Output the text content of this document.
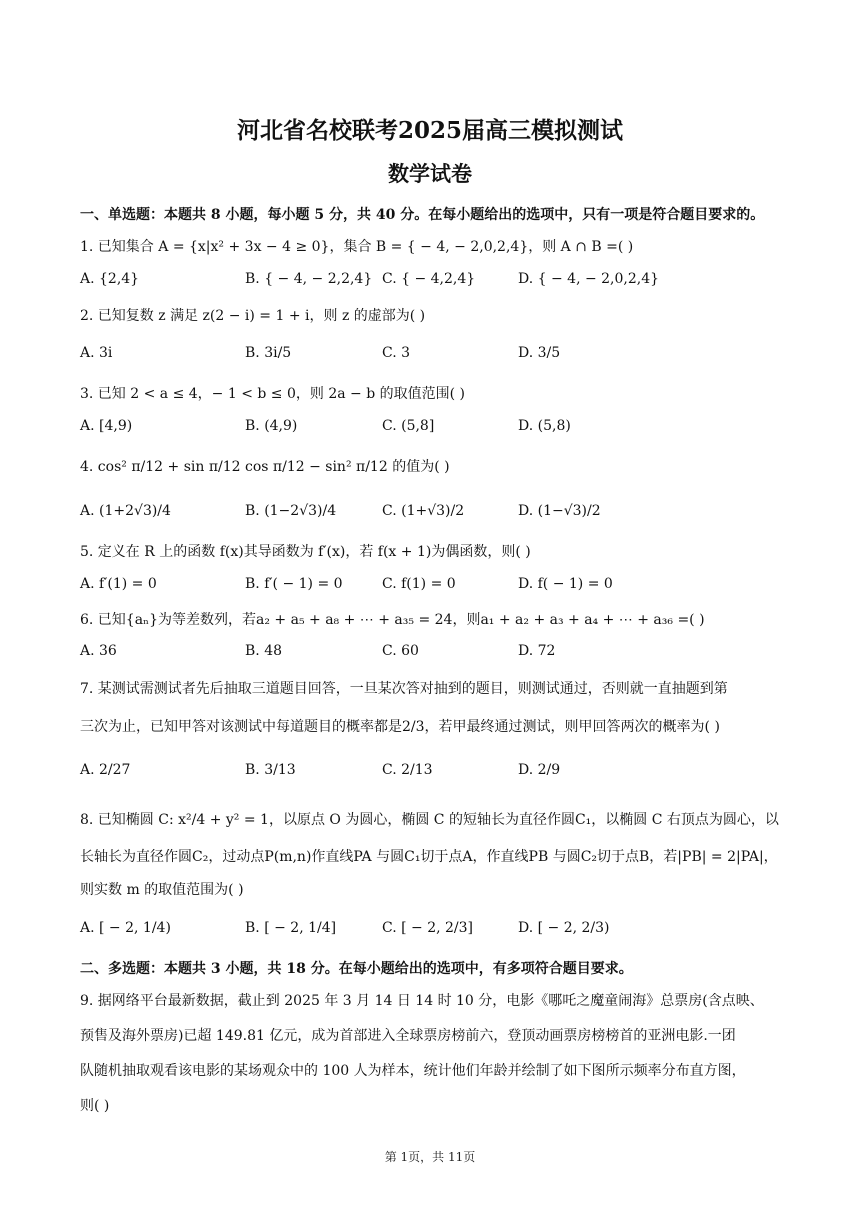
河北省名校联考2025届高三模拟测试
数学试卷
一、单选题：本题共 8 小题，每小题 5 分，共 40 分。在每小题给出的选项中，只有一项是符合题目要求的。
1. 已知集合 A = {x|x² + 3x − 4 ≥ 0}，集合 B = { − 4, − 2,0,2,4}，则 A ∩ B =( )
A. {2,4}	B. { − 4, − 2,2,4} C. { − 4,2,4}	D. { − 4, − 2,0,2,4}
2. 已知复数 z 满足 z(2 − i) = 1 + i，则 z 的虚部为( )
A. 3i	B. 3i/5	C. 3	D. 3/5
3. 已知 2 < a ≤ 4，− 1 < b ≤ 0，则 2a − b 的取值范围( )
A. [4,9)	B. (4,9)	C. (5,8]	D. (5,8)
4. cos² π/12 + sin π/12 cos π/12 − sin² π/12 的值为( )
A. (1+2√3)/4	B. (1−2√3)/4	C. (1+√3)/2	D. (1−√3)/2
5. 定义在 R 上的函数 f(x)其导函数为 f′(x)，若 f(x + 1)为偶函数，则( )
A. f′(1) = 0	B. f′( − 1) = 0	C. f(1) = 0	D. f( − 1) = 0
6. 已知{aₙ}为等差数列，若a₂ + a₅ + a₈ + ⋯ + a₃₅ = 24，则a₁ + a₂ + a₃ + a₄ + ⋯ + a₃₆ =( )
A. 36	B. 48	C. 60	D. 72
7. 某测试需测试者先后抽取三道题目回答，一旦某次答对抽到的题目，则测试通过，否则就一直抽题到第
三次为止，已知甲答对该测试中每道题目的概率都是2/3，若甲最终通过测试，则甲回答两次的概率为( )
A. 2/27	B. 3/13	C. 2/13	D. 2/9
8. 已知椭圆 C: x²/4 + y² = 1，以原点 O 为圆心，椭圆 C 的短轴长为直径作圆C₁，以椭圆 C 右顶点为圆心，以
长轴长为直径作圆C₂，过动点P(m,n)作直线PA 与圆C₁切于点A，作直线PB 与圆C₂切于点B，若|PB| = 2|PA|，
则实数 m 的取值范围为( )
A. [ − 2, 1/4)	B. [ − 2, 1/4]	C. [ − 2, 2/3]	D. [ − 2, 2/3)
二、多选题：本题共 3 小题，共 18 分。在每小题给出的选项中，有多项符合题目要求。
9. 据网络平台最新数据，截止到 2025 年 3 月 14 日 14 时 10 分，电影《哪吒之魔童闹海》总票房(含点映、
预售及海外票房)已超 149.81 亿元，成为首部进入全球票房榜前六，登顶动画票房榜榜首的亚洲电影.一团
队随机抽取观看该电影的某场观众中的 100 人为样本，统计他们年龄并绘制了如下图所示频率分布直方图，
则( )
第 1页，共 11页
